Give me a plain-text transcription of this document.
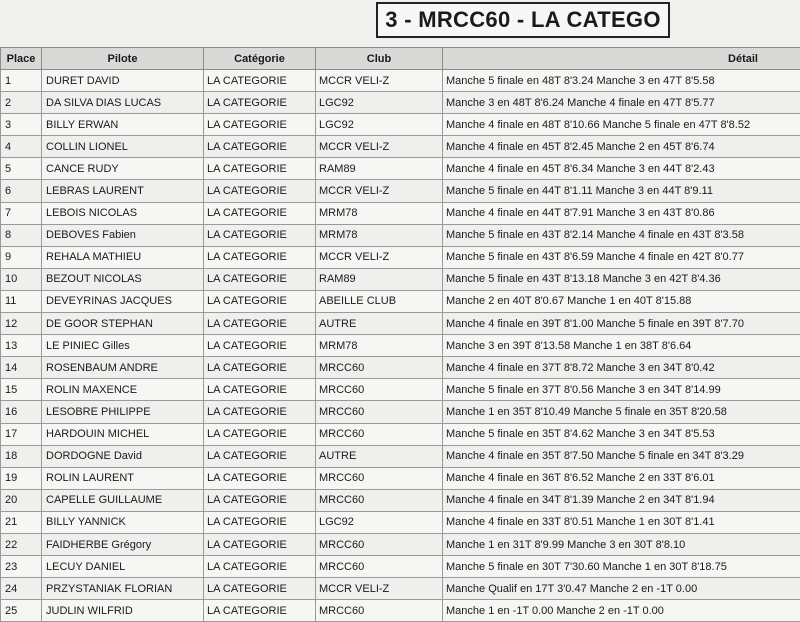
3 - MRCC60 - LA CATEGO
Place	Pilote	Catégorie	Club	Détail
1	DURET DAVID	LA CATEGORIE	MCCR VELI-Z	Manche 5 finale en 48T 8'3.24 Manche 3 en 47T 8'5.58
2	DA SILVA DIAS LUCAS	LA CATEGORIE	LGC92	Manche 3 en 48T 8'6.24 Manche 4 finale en 47T 8'5.77
3	BILLY ERWAN	LA CATEGORIE	LGC92	Manche 4 finale en 48T 8'10.66 Manche 5 finale en 47T 8'8.52
4	COLLIN LIONEL	LA CATEGORIE	MCCR VELI-Z	Manche 4 finale en 45T 8'2.45 Manche 2 en 45T 8'6.74
5	CANCE RUDY	LA CATEGORIE	RAM89	Manche 4 finale en 45T 8'6.34 Manche 3 en 44T 8'2.43
6	LEBRAS LAURENT	LA CATEGORIE	MCCR VELI-Z	Manche 5 finale en 44T 8'1.11 Manche 3 en 44T 8'9.11
7	LEBOIS NICOLAS	LA CATEGORIE	MRM78	Manche 4 finale en 44T 8'7.91 Manche 3 en 43T 8'0.86
8	DEBOVES Fabien	LA CATEGORIE	MRM78	Manche 5 finale en 43T 8'2.14 Manche 4 finale en 43T 8'3.58
9	REHALA MATHIEU	LA CATEGORIE	MCCR VELI-Z	Manche 5 finale en 43T 8'6.59 Manche 4 finale en 42T 8'0.77
10	BEZOUT NICOLAS	LA CATEGORIE	RAM89	Manche 5 finale en 43T 8'13.18 Manche 3 en 42T 8'4.36
11	DEVEYRINAS JACQUES	LA CATEGORIE	ABEILLE CLUB	Manche 2 en 40T 8'0.67 Manche 1 en 40T 8'15.88
12	DE GOOR STEPHAN	LA CATEGORIE	AUTRE	Manche 4 finale en 39T 8'1.00 Manche 5 finale en 39T 8'7.70
13	LE PINIEC Gilles	LA CATEGORIE	MRM78	Manche 3 en 39T 8'13.58 Manche 1 en 38T 8'6.64
14	ROSENBAUM ANDRE	LA CATEGORIE	MRCC60	Manche 4 finale en 37T 8'8.72 Manche 3 en 34T 8'0.42
15	ROLIN MAXENCE	LA CATEGORIE	MRCC60	Manche 5 finale en 37T 8'0.56 Manche 3 en 34T 8'14.99
16	LESOBRE PHILIPPE	LA CATEGORIE	MRCC60	Manche 1 en 35T 8'10.49 Manche 5 finale en 35T 8'20.58
17	HARDOUIN MICHEL	LA CATEGORIE	MRCC60	Manche 5 finale en 35T 8'4.62 Manche 3 en 34T 8'5.53
18	DORDOGNE David	LA CATEGORIE	AUTRE	Manche 4 finale en 35T 8'7.50 Manche 5 finale en 34T 8'3.29
19	ROLIN LAURENT	LA CATEGORIE	MRCC60	Manche 4 finale en 36T 8'6.52 Manche 2 en 33T 8'6.01
20	CAPELLE GUILLAUME	LA CATEGORIE	MRCC60	Manche 4 finale en 34T 8'1.39 Manche 2 en 34T 8'1.94
21	BILLY YANNICK	LA CATEGORIE	LGC92	Manche 4 finale en 33T 8'0.51 Manche 1 en 30T 8'1.41
22	FAIDHERBE Grégory	LA CATEGORIE	MRCC60	Manche 1 en 31T 8'9.99 Manche 3 en 30T 8'8.10
23	LECUY DANIEL	LA CATEGORIE	MRCC60	Manche 5 finale en 30T 7'30.60 Manche 1 en 30T 8'18.75
24	PRZYSTANIAK FLORIAN	LA CATEGORIE	MCCR VELI-Z	Manche Qualif en 17T 3'0.47 Manche 2 en -1T 0.00
25	JUDLIN WILFRID	LA CATEGORIE	MRCC60	Manche 1 en -1T 0.00 Manche 2 en -1T 0.00
